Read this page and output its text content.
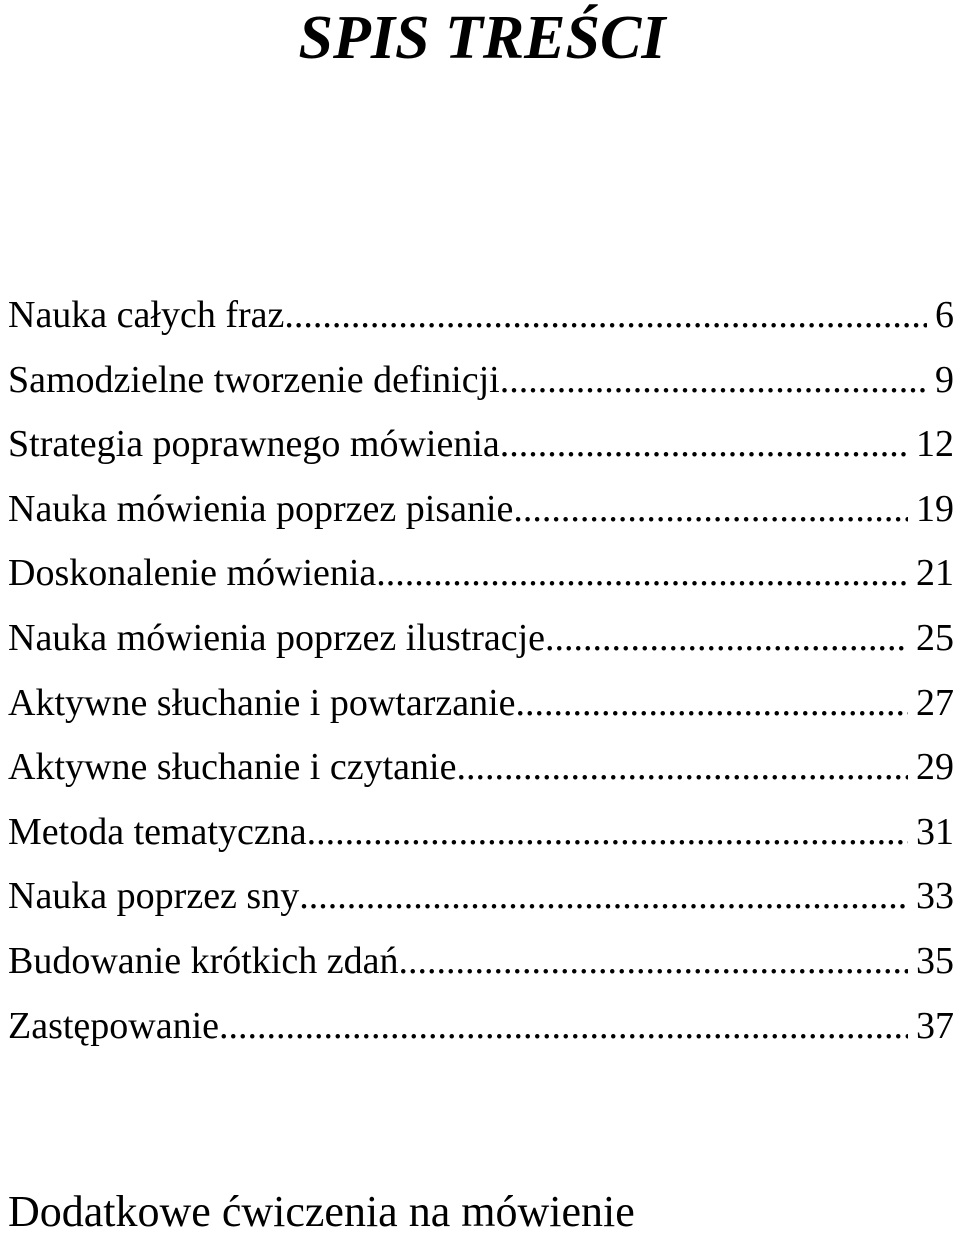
SPIS TREŚCI
Nauka całych fraz .....	6
Samodzielne tworzenie definicji .....	9
Strategia poprawnego mówienia .....	12
Nauka mówienia poprzez pisanie .....	19
Doskonalenie mówienia .....	21
Nauka mówienia poprzez ilustracje .....	25
Aktywne słuchanie i powtarzanie .....	27
Aktywne słuchanie i czytanie .....	29
Metoda tematyczna .....	31
Nauka poprzez sny .....	33
Budowanie krótkich zdań .....	35
Zastępowanie .....	37
Dodatkowe ćwiczenia na mówienie
